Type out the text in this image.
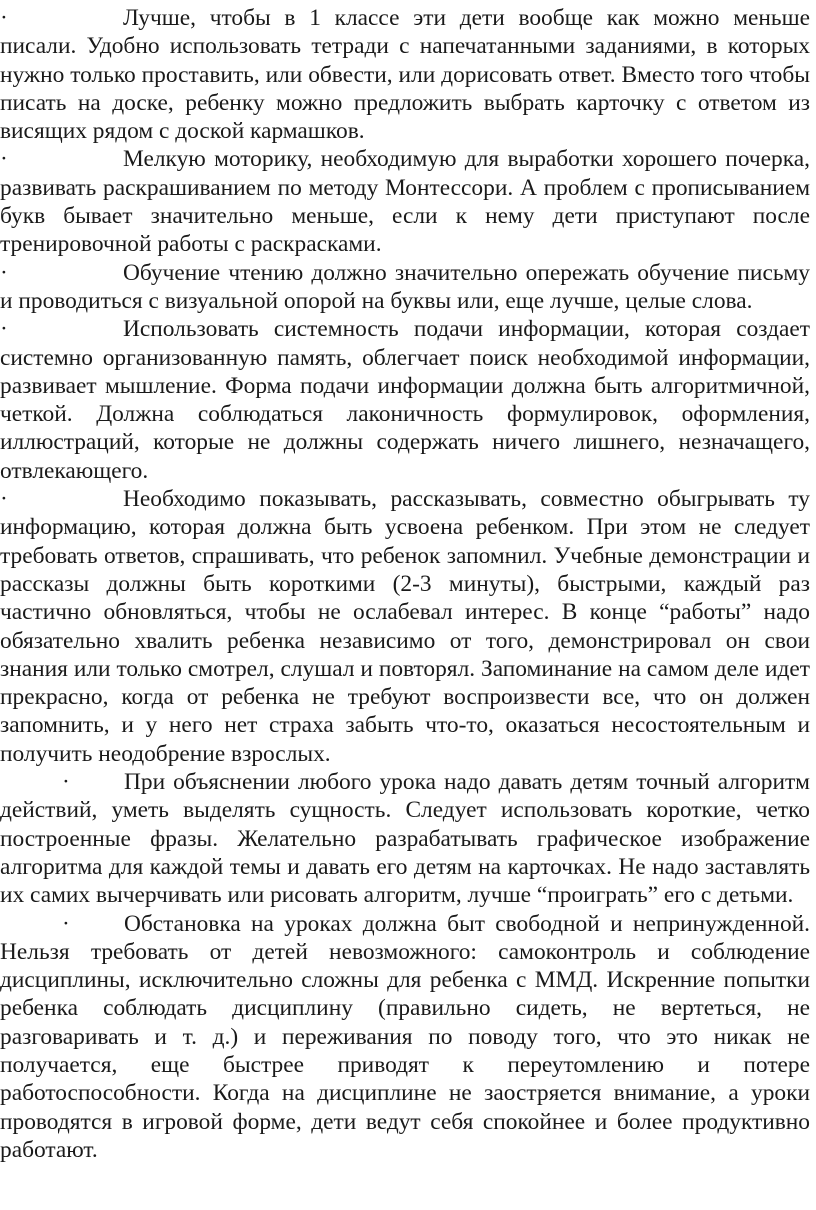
·	Лучше, чтобы в 1 классе эти дети вообще как можно меньше писали. Удобно использовать тетради с напечатанными заданиями, в которых нужно только проставить, или обвести, или дорисовать ответ. Вместо того чтобы писать на доске, ребенку можно предложить выбрать карточку с ответом из висящих рядом с доской кармашков.

·	Мелкую моторику, необходимую для выработки хорошего почерка, развивать раскрашиванием по методу Монтессори. А проблем с прописыванием букв бывает значительно меньше, если к нему дети приступают после тренировочной работы с раскрасками.

·	Обучение чтению должно значительно опережать обучение письму и проводиться с визуальной опорой на буквы или, еще лучше, целые слова.

·	Использовать системность подачи информации, которая создает системно организованную память, облегчает поиск необходимой информации, развивает мышление. Форма подачи информации должна быть алгоритмичной, четкой. Должна соблюдаться лаконичность формулировок, оформления, иллюстраций, которые не должны содержать ничего лишнего, незначащего, отвлекающего.

·	Необходимо показывать, рассказывать, совместно обыгрывать ту информацию, которая должна быть усвоена ребенком. При этом не следует требовать ответов, спрашивать, что ребенок запомнил. Учебные демонстрации и рассказы должны быть короткими (2-3 минуты), быстрыми, каждый раз частично обновляться, чтобы не ослабевал интерес. В конце “работы” надо обязательно хвалить ребенка независимо от того, демонстрировал он свои знания или только смотрел, слушал и повторял. Запоминание на самом деле идет прекрасно, когда от ребенка не требуют воспроизвести все, что он должен запомнить, и у него нет страха забыть что-то, оказаться несостоятельным и получить неодобрение взрослых.

· При объяснении любого урока надо давать детям точный алгоритм действий, уметь выделять сущность. Следует использовать короткие, четко построенные фразы. Желательно разрабатывать графическое изображение алгоритма для каждой темы и давать его детям на карточках. Не надо заставлять их самих вычерчивать или рисовать алгоритм, лучше “проиграть” его с детьми.

· Обстановка на уроках должна быт свободной и непринужденной. Нельзя требовать от детей невозможного: самоконтроль и соблюдение дисциплины, исключительно сложны для ребенка с ММД. Искренние попытки ребенка соблюдать дисциплину (правильно сидеть, не вертеться, не разговаривать и т. д.) и переживания по поводу того, что это никак не получается, еще быстрее приводят к переутомлению и потере работоспособности. Когда на дисциплине не заостряется внимание, а уроки проводятся в игровой форме, дети ведут себя спокойнее и более продуктивно работают.
